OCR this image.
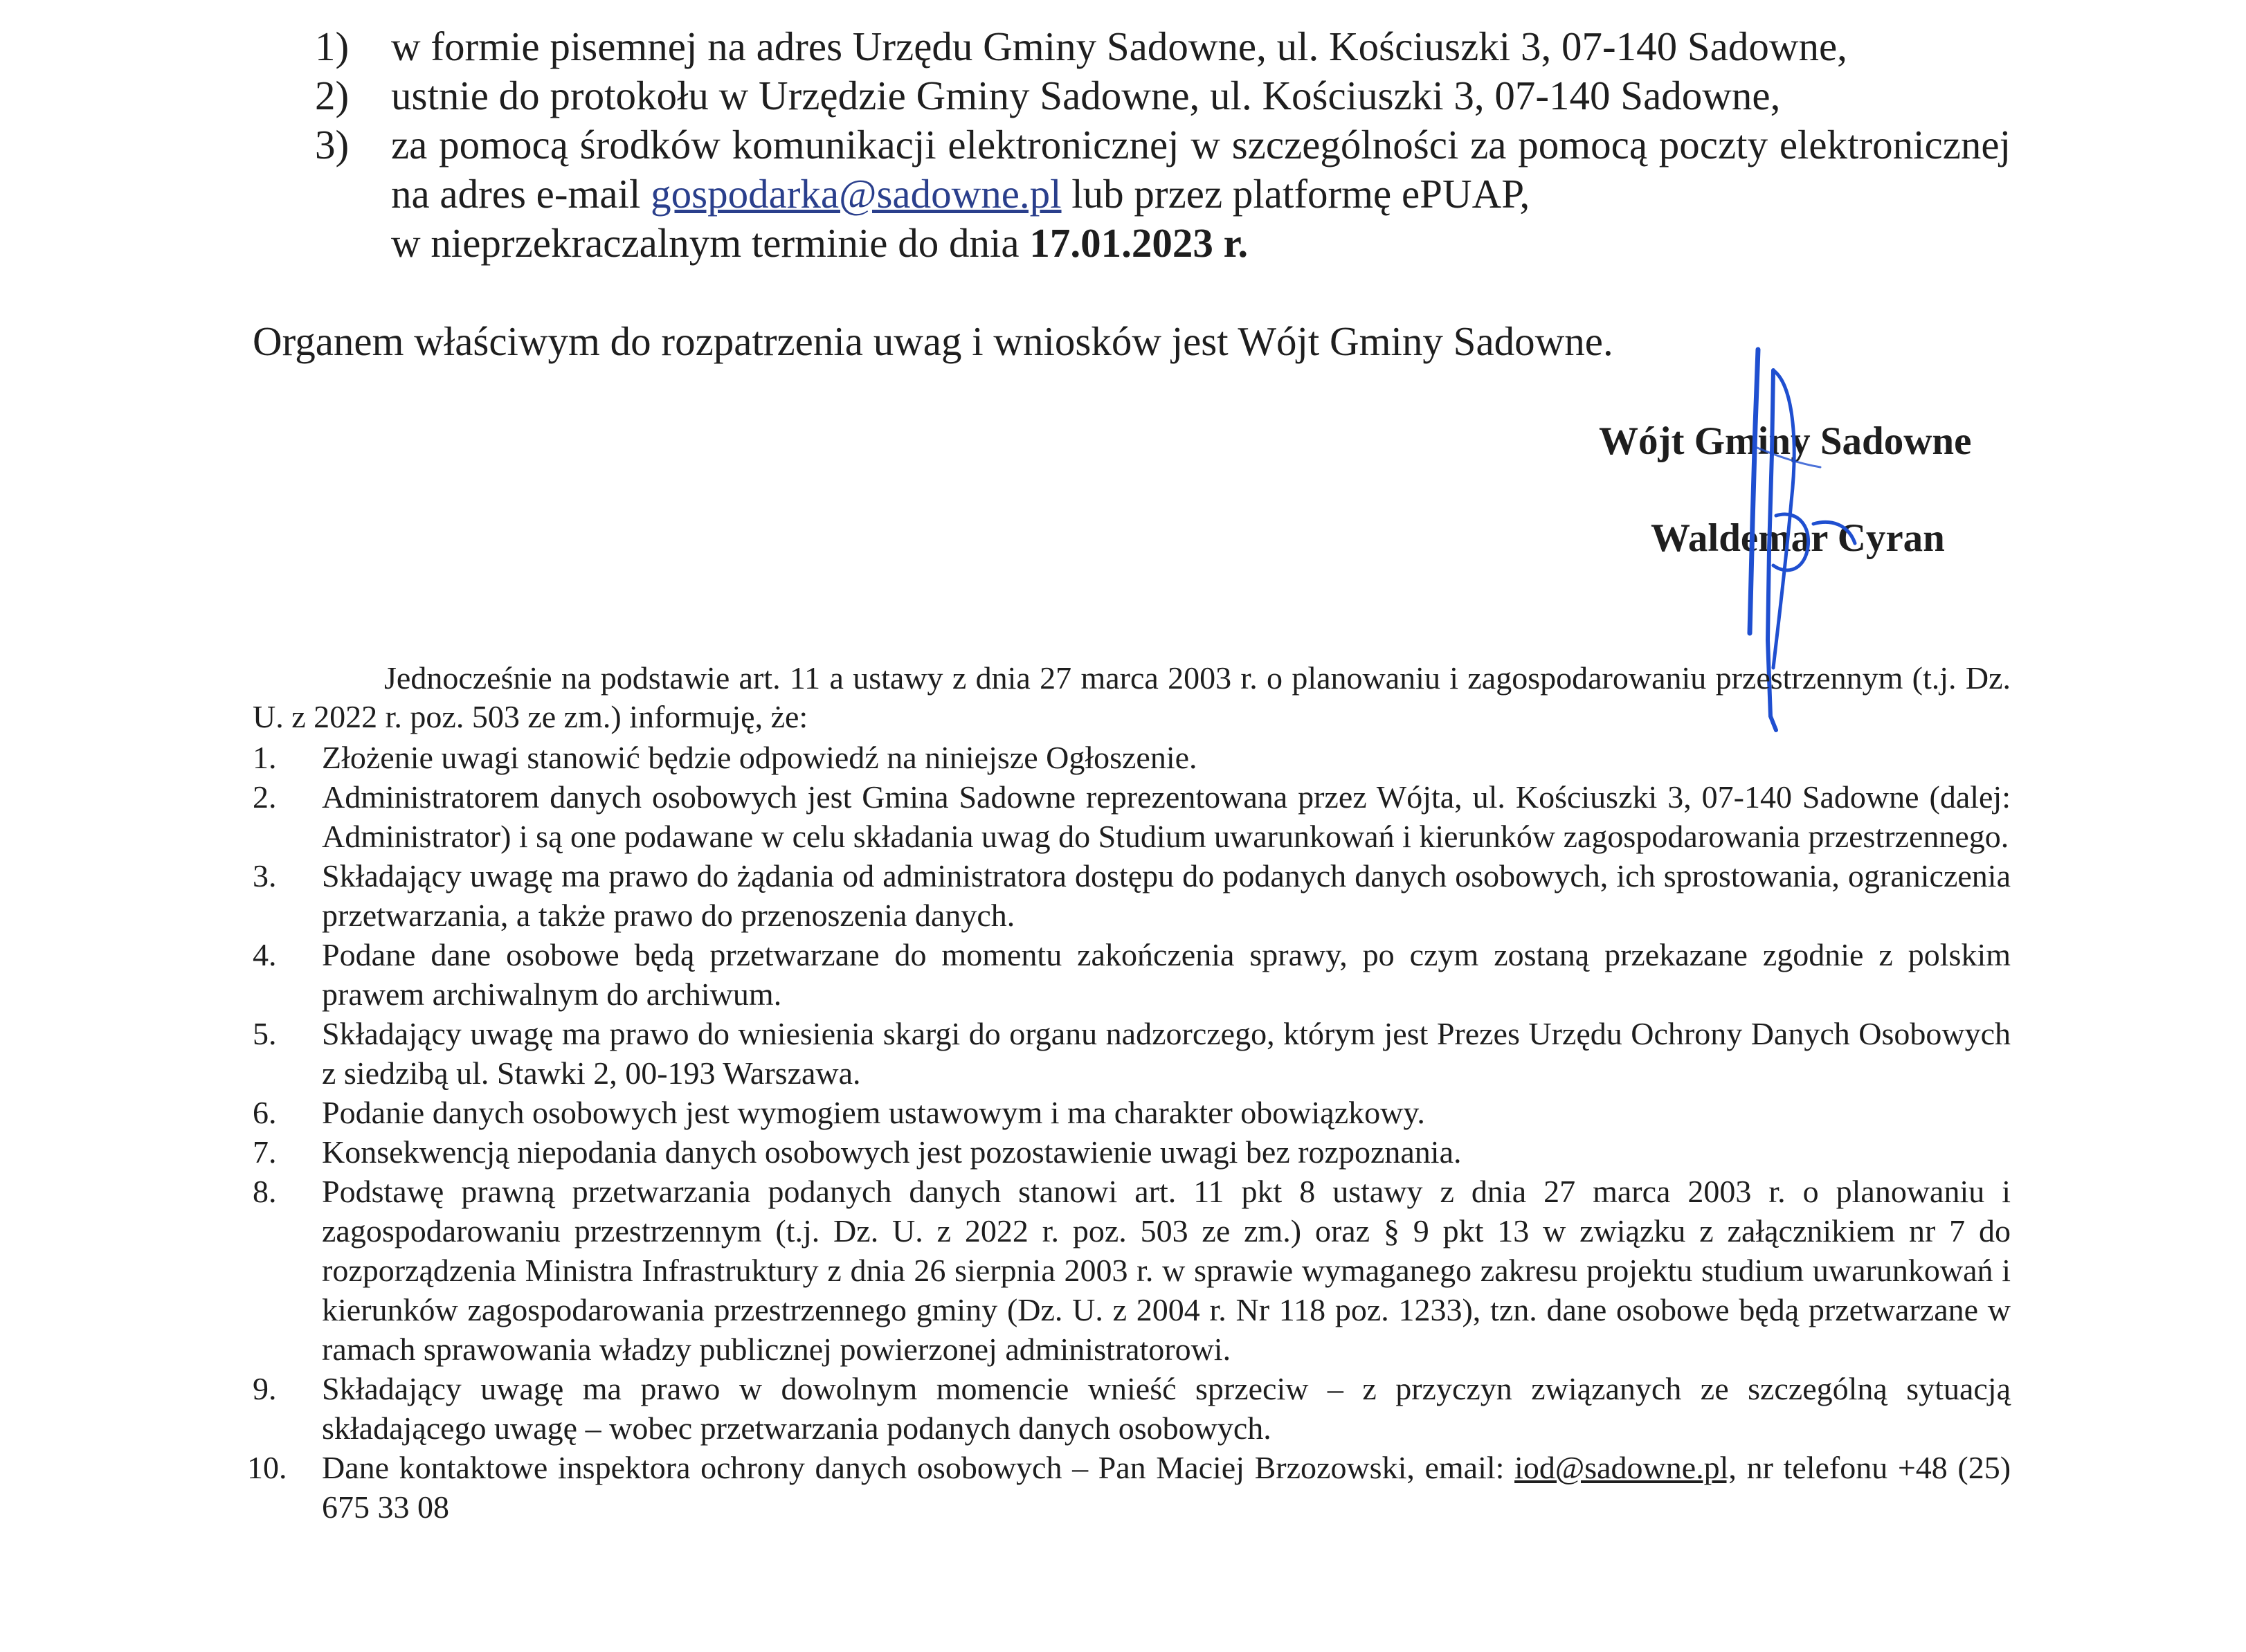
1) w formie pisemnej na adres Urzędu Gminy Sadowne, ul. Kościuszki 3, 07-140 Sadowne,
2) ustnie do protokołu w Urzędzie Gminy Sadowne, ul. Kościuszki 3, 07-140 Sadowne,
3) za pomocą środków komunikacji elektronicznej w szczególności za pomocą poczty elektronicznej na adres e-mail gospodarka@sadowne.pl lub przez platformę ePUAP,
w nieprzekraczalnym terminie do dnia 17.01.2023 r.
Organem właściwym do rozpatrzenia uwag i wniosków jest Wójt Gminy Sadowne.
Wójt Gminy Sadowne
Waldemar Cyran
Jednocześnie na podstawie art. 11 a ustawy z dnia 27 marca 2003 r. o planowaniu i zagospodarowaniu przestrzennym (t.j. Dz. U. z 2022 r. poz. 503 ze zm.) informuję, że:
1. Złożenie uwagi stanowić będzie odpowiedź na niniejsze Ogłoszenie.
2. Administratorem danych osobowych jest Gmina Sadowne reprezentowana przez Wójta, ul. Kościuszki 3, 07-140 Sadowne (dalej: Administrator) i są one podawane w celu składania uwag do Studium uwarunkowań i kierunków zagospodarowania przestrzennego.
3. Składający uwagę ma prawo do żądania od administratora dostępu do podanych danych osobowych, ich sprostowania, ograniczenia przetwarzania, a także prawo do przenoszenia danych.
4. Podane dane osobowe będą przetwarzane do momentu zakończenia sprawy, po czym zostaną przekazane zgodnie z polskim prawem archiwalnym do archiwum.
5. Składający uwagę ma prawo do wniesienia skargi do organu nadzorczego, którym jest Prezes Urzędu Ochrony Danych Osobowych z siedzibą ul. Stawki 2, 00-193 Warszawa.
6. Podanie danych osobowych jest wymogiem ustawowym i ma charakter obowiązkowy.
7. Konsekwencją niepodania danych osobowych jest pozostawienie uwagi bez rozpoznania.
8. Podstawę prawną przetwarzania podanych danych stanowi art. 11 pkt 8 ustawy z dnia 27 marca 2003 r. o planowaniu i zagospodarowaniu przestrzennym (t.j. Dz. U. z 2022 r. poz. 503 ze zm.) oraz § 9 pkt 13 w związku z załącznikiem nr 7 do rozporządzenia Ministra Infrastruktury z dnia 26 sierpnia 2003 r. w sprawie wymaganego zakresu projektu studium uwarunkowań i kierunków zagospodarowania przestrzennego gminy (Dz. U. z 2004 r. Nr 118 poz. 1233), tzn. dane osobowe będą przetwarzane w ramach sprawowania władzy publicznej powierzonej administratorowi.
9. Składający uwagę ma prawo w dowolnym momencie wnieść sprzeciw – z przyczyn związanych ze szczególną sytuacją składającego uwagę – wobec przetwarzania podanych danych osobowych.
10. Dane kontaktowe inspektora ochrony danych osobowych – Pan Maciej Brzozowski, email: iod@sadowne.pl, nr telefonu +48 (25) 675 33 08
